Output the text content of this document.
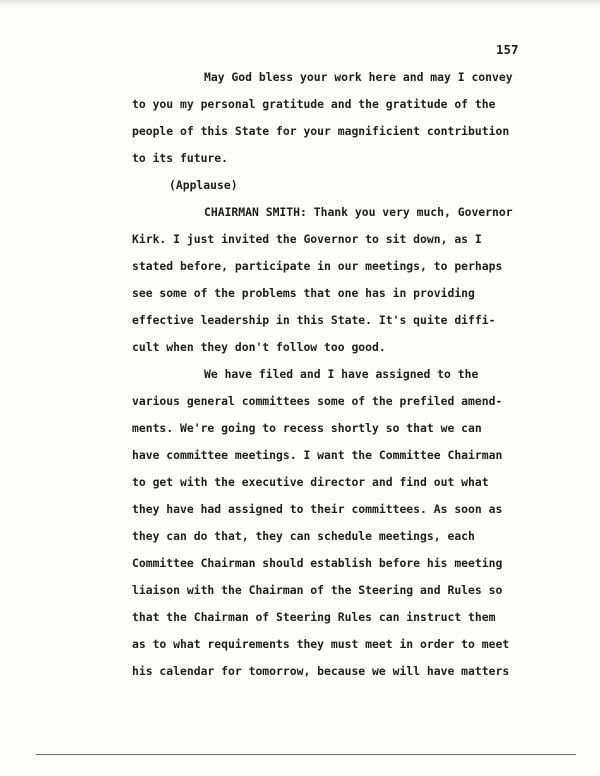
157
May God bless your work here and may I convey
to you my personal gratitude and the gratitude of the
people of this State for your magnificient contribution
to its future.
(Applause)
CHAIRMAN SMITH: Thank you very much, Governor
Kirk. I just invited the Governor to sit down, as I
stated before, participate in our meetings, to perhaps
see some of the problems that one has in providing
effective leadership in this State. It's quite diffi-
cult when they don't follow too good.
We have filed and I have assigned to the
various general committees some of the prefiled amend-
ments. We're going to recess shortly so that we can
have committee meetings. I want the Committee Chairman
to get with the executive director and find out what
they have had assigned to their committees. As soon as
they can do that, they can schedule meetings, each
Committee Chairman should establish before his meeting
liaison with the Chairman of the Steering and Rules so
that the Chairman of Steering Rules can instruct them
as to what requirements they must meet in order to meet
his calendar for tomorrow, because we will have matters
